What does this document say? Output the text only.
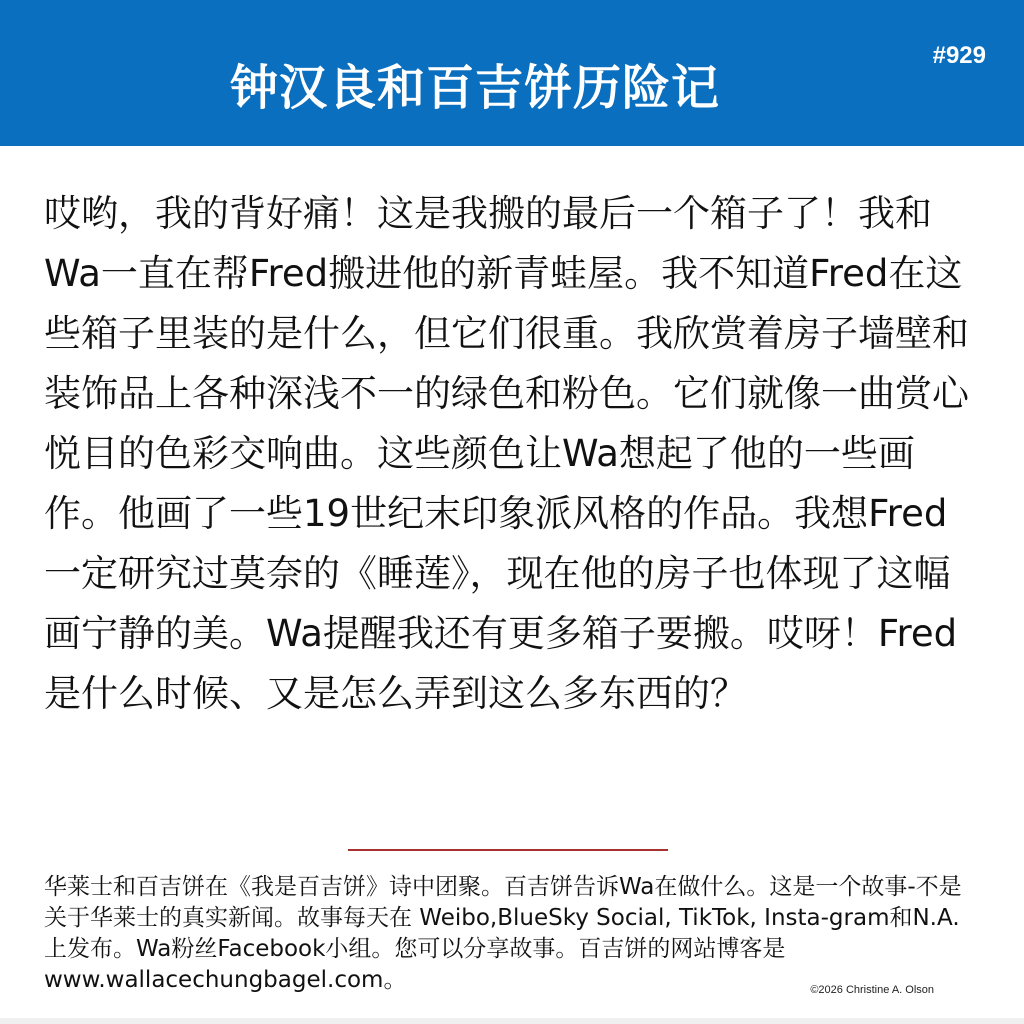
钟汉良和百吉饼历险记
#929

哎哟，我的背好痛！这是我搬的最后一个箱子了！我和Wa一直在帮Fred搬进他的新青蛙屋。我不知道Fred在这些箱子里装的是什么，但它们很重。我欣赏着房子墙壁和装饰品上各种深浅不一的绿色和粉色。它们就像一曲赏心悦目的色彩交响曲。这些颜色让Wa想起了他的一些画作。他画了一些19世纪末印象派风格的作品。我想Fred一定研究过莫奈的《睡莲》，现在他的房子也体现了这幅画宁静的美。Wa提醒我还有更多箱子要搬。哎呀！Fred是什么时候、又是怎么弄到这么多东西的？

华莱士和百吉饼在《我是百吉饼》诗中团聚。百吉饼告诉Wa在做什么。这是一个故事-不是关于华莱士的真实新闻。故事每天在 Weibo,BlueSky Social, TikTok, Insta-gram和N.A.上发布。Wa粉丝Facebook小组。您可以分享故事。百吉饼的网站博客是www.wallacechungbagel.com。	©2026 Christine A. Olson
